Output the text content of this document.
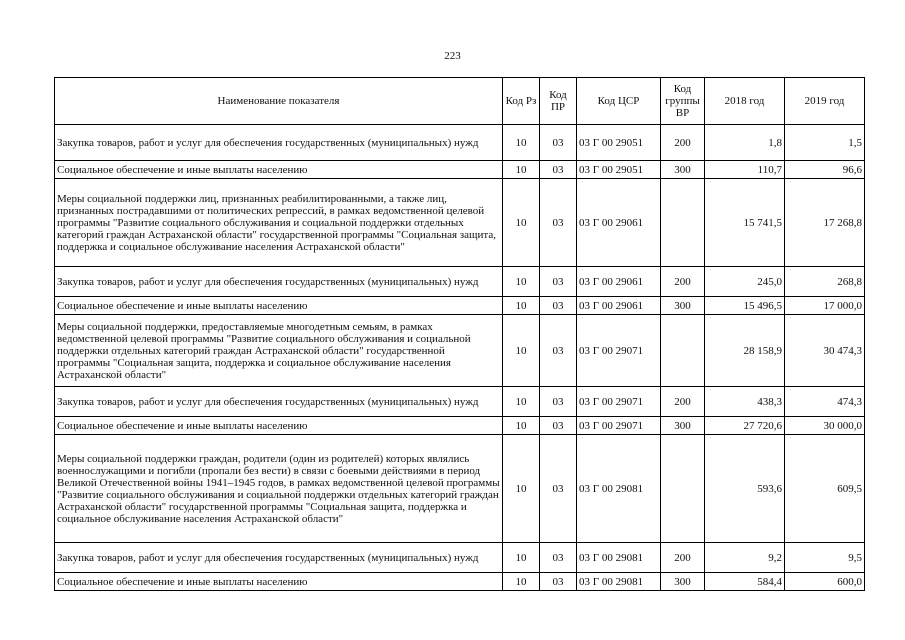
223
Наименование показателя	Код Рз	Код ПР	Код ЦСР	Код группы ВР	2018 год	2019 год
Закупка товаров, работ и услуг для обеспечения государственных (муниципальных) нужд	10	03	03 Г 00 29051	200	1,8	1,5
Социальное обеспечение и иные выплаты населению	10	03	03 Г 00 29051	300	110,7	96,6
Меры социальной поддержки лиц, признанных реабилитированными, а также лиц, признанных пострадавшими от политических репрессий, в рамках ведомственной целевой программы "Развитие социального обслуживания и социальной поддержки отдельных категорий граждан Астраханской области" государственной программы "Социальная защита, поддержка и социальное обслуживание населения Астраханской области"	10	03	03 Г 00 29061		15 741,5	17 268,8
Закупка товаров, работ и услуг для обеспечения государственных (муниципальных) нужд	10	03	03 Г 00 29061	200	245,0	268,8
Социальное обеспечение и иные выплаты населению	10	03	03 Г 00 29061	300	15 496,5	17 000,0
Меры социальной поддержки, предоставляемые многодетным семьям, в рамках ведомственной целевой программы "Развитие социального обслуживания и социальной поддержки отдельных категорий граждан Астраханской области" государственной программы "Социальная защита, поддержка и социальное обслуживание населения Астраханской области"	10	03	03 Г 00 29071		28 158,9	30 474,3
Закупка товаров, работ и услуг для обеспечения государственных (муниципальных) нужд	10	03	03 Г 00 29071	200	438,3	474,3
Социальное обеспечение и иные выплаты населению	10	03	03 Г 00 29071	300	27 720,6	30 000,0
Меры социальной поддержки граждан, родители (один из родителей) которых являлись военнослужащими и погибли (пропали без вести) в связи с боевыми действиями в период Великой Отечественной войны 1941–1945 годов, в рамках ведомственной целевой программы "Развитие социального обслуживания и социальной поддержки отдельных категорий граждан Астраханской области" государственной программы "Социальная защита, поддержка и социальное обслуживание населения Астраханской области"	10	03	03 Г 00 29081		593,6	609,5
Закупка товаров, работ и услуг для обеспечения государственных (муниципальных) нужд	10	03	03 Г 00 29081	200	9,2	9,5
Социальное обеспечение и иные выплаты населению	10	03	03 Г 00 29081	300	584,4	600,0
